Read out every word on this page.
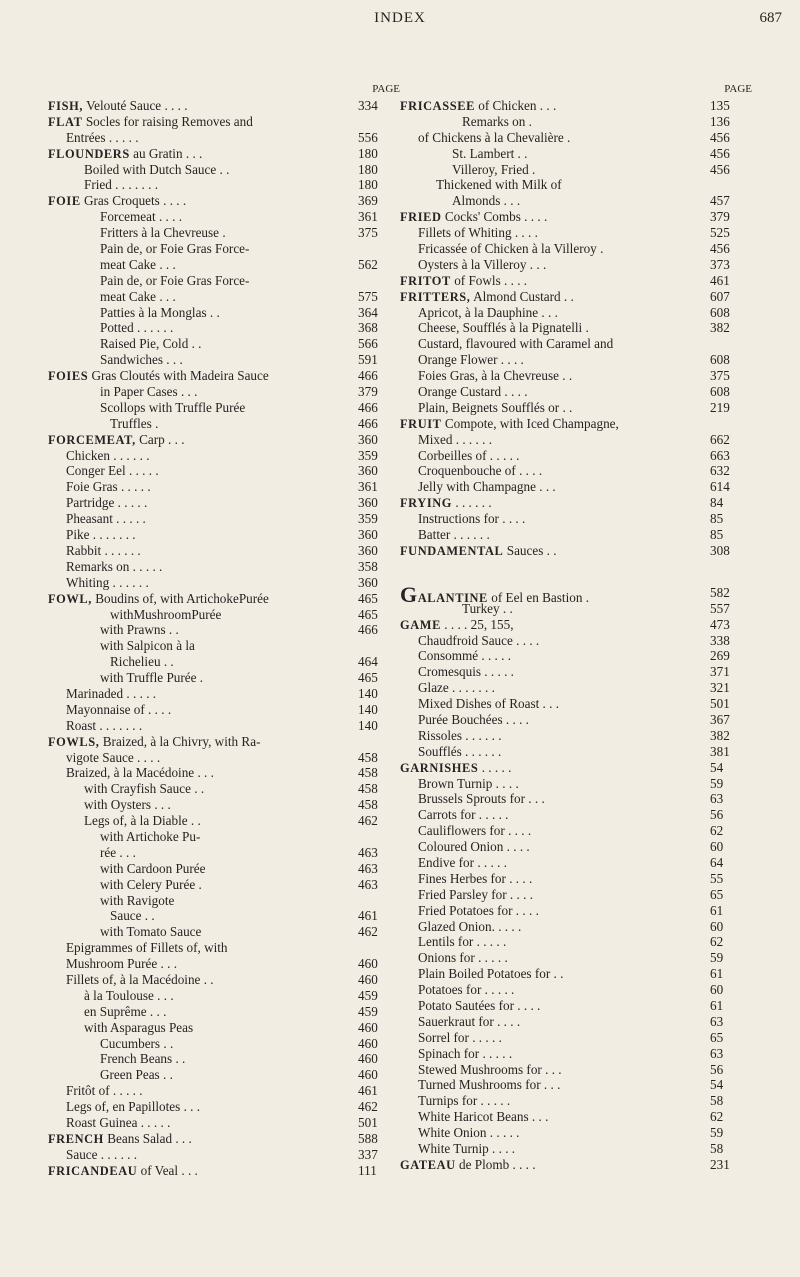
INDEX	687
PAGE
FISH, Velouté Sauce . . . .	334
FLAT Socles for raising Removes and
Entrées . . . . .	556
FLOUNDERS au Gratin . . .	180
Boiled with Dutch Sauce . .	180
Fried . . . . . . .	180
FOIE Gras Croquets . . . .	369
Forcemeat . . . .	361
Fritters à la Chevreuse .	375
Pain de, or Foie Gras Force-
meat Cake . . .	562
Pain de, or Foie Gras Force-
meat Cake . . .	575
Patties à la Monglas . .	364
Potted . . . . . .	368
Raised Pie, Cold . .	566
Sandwiches . . .	591
FOIES Gras Cloutés with Madeira Sauce	466
in Paper Cases . . .	379
Scollops with Truffle Purée	466
Truffles .	466
FORCEMEAT, Carp . . .	360
Chicken . . . . . .	359
Conger Eel . . . . .	360
Foie Gras . . . . .	361
Partridge . . . . .	360
Pheasant . . . . .	359
Pike . . . . . . .	360
Rabbit . . . . . .	360
Remarks on . . . . .	358
Whiting . . . . . .	360
FOWL, Boudins of, with ArtichokePurée	465
withMushroomPurée	465
with Prawns . .	466
with Salpicon à la
Richelieu . .	464
with Truffle Purée .	465
Marinaded . . . . .	140
Mayonnaise of . . . .	140
Roast . . . . . . .	140
FOWLS, Braized, à la Chivry, with Ra-
vigote Sauce . . . .	458
Braized, à la Macédoine . . .	458
with Crayfish Sauce . .	458
with Oysters . . .	458
Legs of, à la Diable . .	462
with Artichoke Pu-
rée . . .	463
with Cardoon Purée	463
with Celery Purée .	463
with Ravigote
Sauce . .	461
with Tomato Sauce	462
Epigrammes of Fillets of, with
Mushroom Purée . . .	460
Fillets of, à la Macédoine . .	460
à la Toulouse . . .	459
en Suprême . . .	459
with Asparagus Peas	460
Cucumbers . .	460
French Beans . .	460
Green Peas . .	460
Fritôt of . . . . .	461
Legs of, en Papillotes . . .	462
Roast Guinea . . . . .	501
FRENCH Beans Salad . . .	588
Sauce . . . . . .	337
FRICANDEAU of Veal . . .	111
PAGE
FRICASSEE of Chicken . . .	135
Remarks on .	136
of Chickens à la Chevalière .	456
St. Lambert . .	456
Villeroy, Fried .	456
Thickened with Milk of
Almonds . . .	457
FRIED Cocks' Combs . . . .	379
Fillets of Whiting . . . .	525
Fricassée of Chicken à la Villeroy .	456
Oysters à la Villeroy . . .	373
FRITOT of Fowls . . . .	461
FRITTERS, Almond Custard . .	607
Apricot, à la Dauphine . . .	608
Cheese, Soufflés à la Pignatelli .	382
Custard, flavoured with Caramel and
Orange Flower . . . .	608
Foies Gras, à la Chevreuse . .	375
Orange Custard . . . .	608
Plain, Beignets Soufflés or . .	219
FRUIT Compote, with Iced Champagne,
Mixed . . . . . .	662
Corbeilles of . . . . .	663
Croquenbouche of . . . .	632
Jelly with Champagne . . .	614
FRYING . . . . . .	84
Instructions for . . . .	85
Batter . . . . . .	85
FUNDAMENTAL Sauces . .	308
GALANTINE of Eel en Bastion .	582
Turkey . .	557
GAME . . . . 25, 155,	473
Chaudfroid Sauce . . . .	338
Consommé . . . . .	269
Cromesquis . . . . .	371
Glaze . . . . . . .	321
Mixed Dishes of Roast . . .	501
Purée Bouchées . . . .	367
Rissoles . . . . . .	382
Soufflés . . . . . .	381
GARNISHES . . . . .	54
Brown Turnip . . . .	59
Brussels Sprouts for . . .	63
Carrots for . . . . .	56
Cauliflowers for . . . .	62
Coloured Onion . . . .	60
Endive for . . . . .	64
Fines Herbes for . . . .	55
Fried Parsley for . . . .	65
Fried Potatoes for . . . .	61
Glazed Onion. . . . .	60
Lentils for . . . . .	62
Onions for . . . . .	59
Plain Boiled Potatoes for . .	61
Potatoes for . . . . .	60
Potato Sautées for . . . .	61
Sauerkraut for . . . .	63
Sorrel for . . . . .	65
Spinach for . . . . .	63
Stewed Mushrooms for . . .	56
Turned Mushrooms for . . .	54
Turnips for . . . . .	58
White Haricot Beans . . .	62
White Onion . . . . .	59
White Turnip . . . .	58
GATEAU de Plomb . . . .	231
